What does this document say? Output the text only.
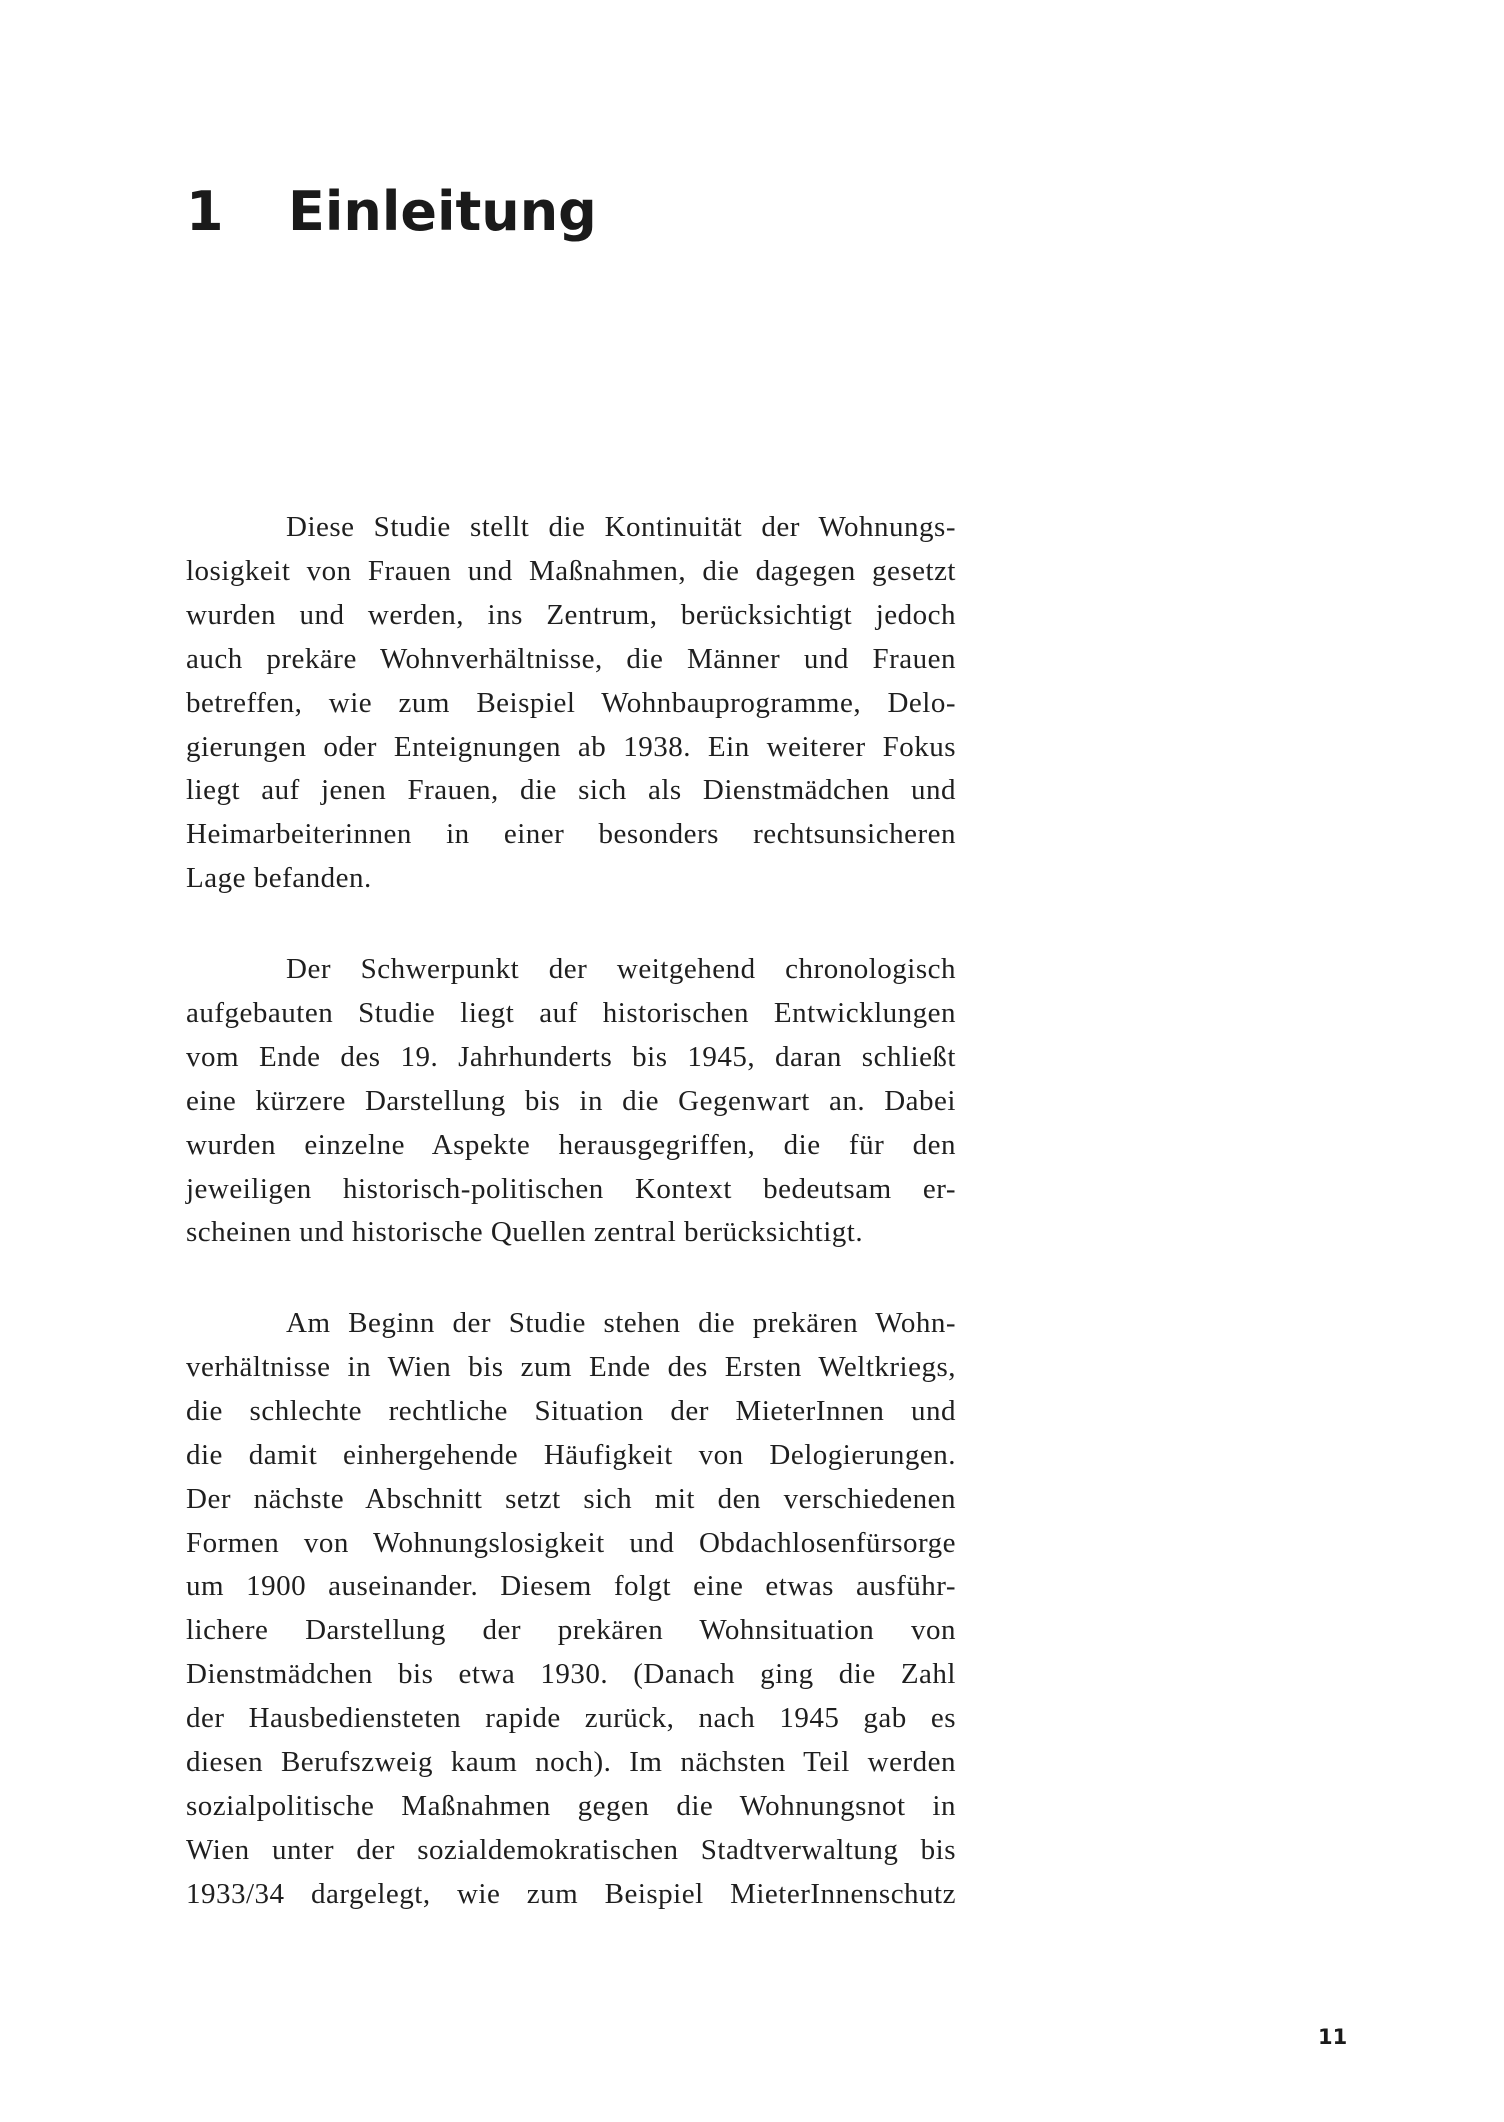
1 Einleitung
Diese Studie stellt die Kontinuität der Wohnungs-
losigkeit von Frauen und Maßnahmen, die dagegen gesetzt
wurden und werden, ins Zentrum, berücksichtigt jedoch
auch prekäre Wohnverhältnisse, die Männer und Frauen
betreffen, wie zum Beispiel Wohnbauprogramme, Delo-
gierungen oder Enteignungen ab 1938. Ein weiterer Fokus
liegt auf jenen Frauen, die sich als Dienstmädchen und
Heimarbeiterinnen in einer besonders rechtsunsicheren
Lage befanden.
Der Schwerpunkt der weitgehend chronologisch
aufgebauten Studie liegt auf historischen Entwicklungen
vom Ende des 19. Jahrhunderts bis 1945, daran schließt
eine kürzere Darstellung bis in die Gegenwart an. Dabei
wurden einzelne Aspekte herausgegriffen, die für den
jeweiligen historisch-politischen Kontext bedeutsam er-
scheinen und historische Quellen zentral berücksichtigt.
Am Beginn der Studie stehen die prekären Wohn-
verhältnisse in Wien bis zum Ende des Ersten Weltkriegs,
die schlechte rechtliche Situation der MieterInnen und
die damit einhergehende Häufigkeit von Delogierungen.
Der nächste Abschnitt setzt sich mit den verschiedenen
Formen von Wohnungslosigkeit und Obdachlosenfürsorge
um 1900 auseinander. Diesem folgt eine etwas ausführ-
lichere Darstellung der prekären Wohnsituation von
Dienstmädchen bis etwa 1930. (Danach ging die Zahl
der Hausbediensteten rapide zurück, nach 1945 gab es
diesen Berufszweig kaum noch). Im nächsten Teil werden
sozialpolitische Maßnahmen gegen die Wohnungsnot in
Wien unter der sozialdemokratischen Stadtverwaltung bis
1933/34 dargelegt, wie zum Beispiel MieterInnenschutz
11
